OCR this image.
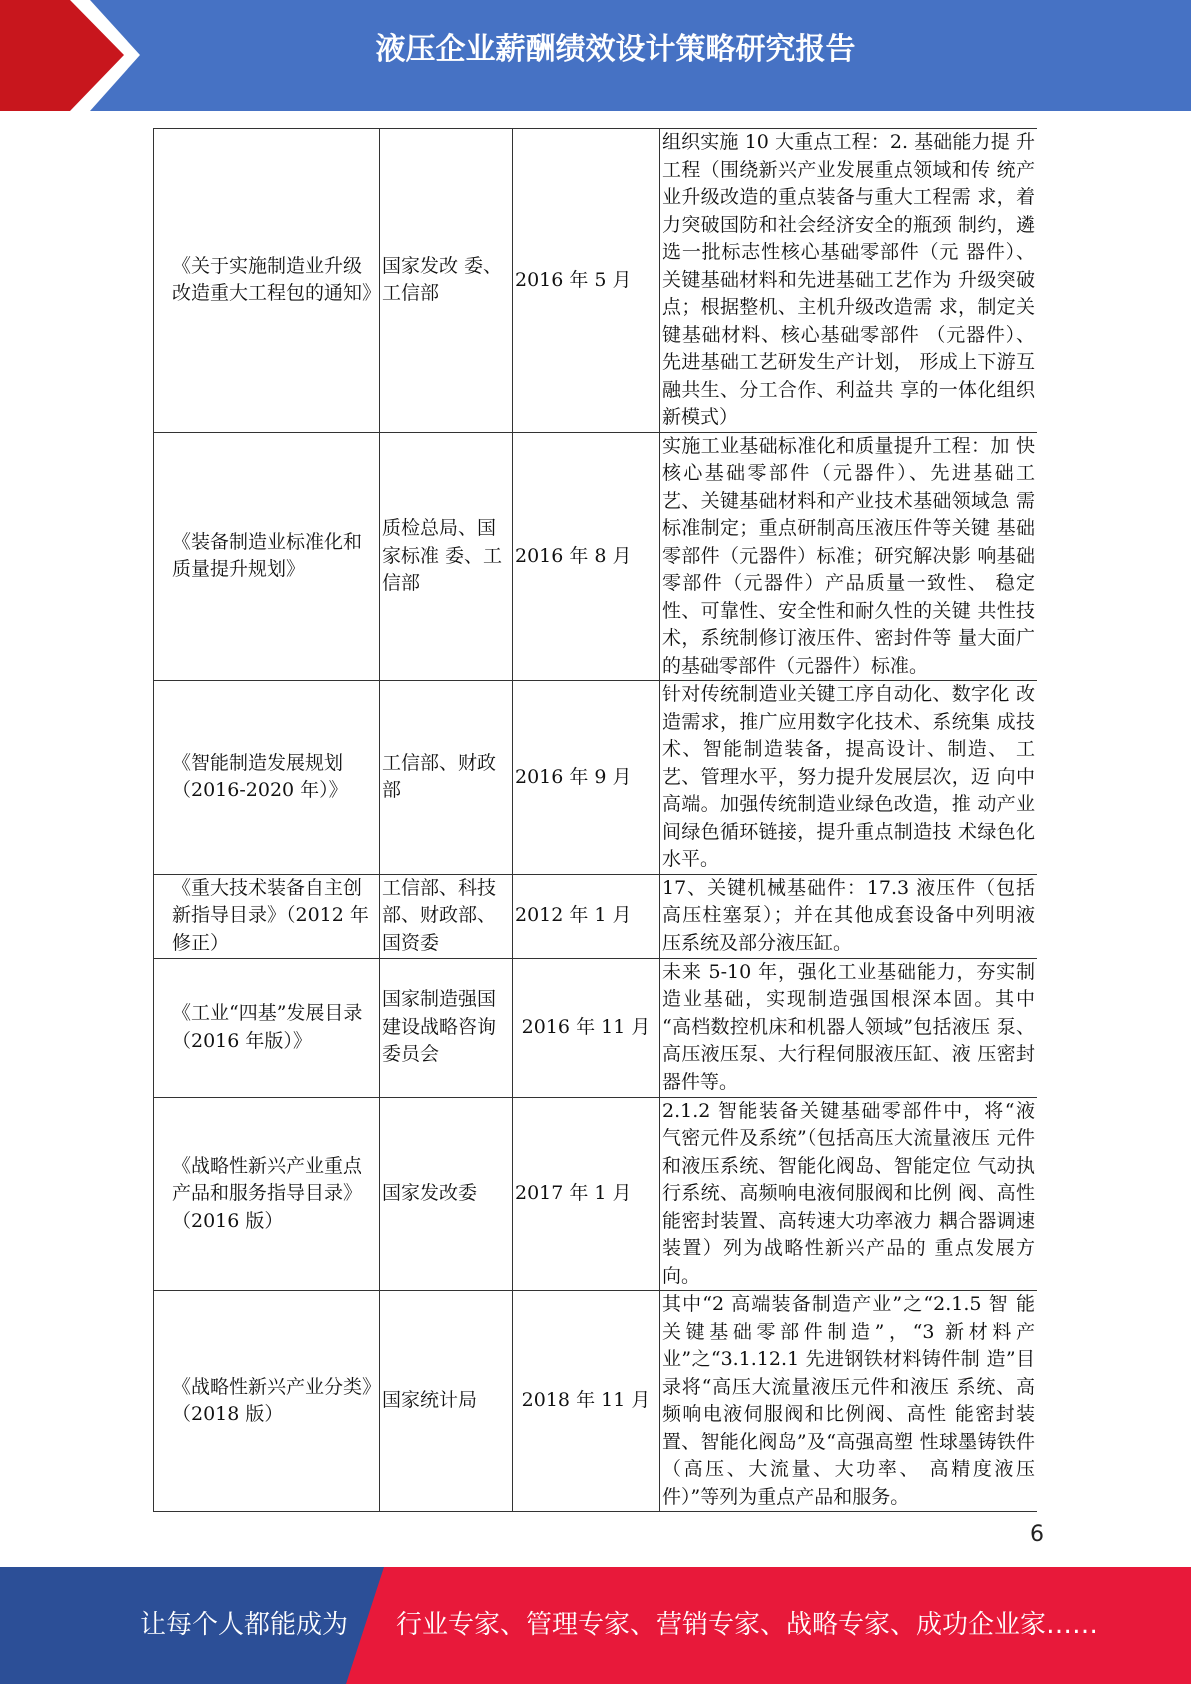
液压企业薪酬绩效设计策略研究报告
《关于实施制造业升级改造重大工程包的通知》	国家发改 委、工信部	2016 年 5 月	组织实施 10 大重点工程：2. 基础能力提 升工程（围绕新兴产业发展重点领域和传 统产业升级改造的重点装备与重大工程需 求，着力突破国防和社会经济安全的瓶颈 制约，遴选一批标志性核心基础零部件（元 器件）、关键基础材料和先进基础工艺作为 升级突破点；根据整机、主机升级改造需 求，制定关键基础材料、核心基础零部件 （元器件）、先进基础工艺研发生产计划， 形成上下游互融共生、分工合作、利益共 享的一体化组织新模式）
《装备制造业标准化和质量提升规划》	质检总局、国家标准 委、工信部	2016 年 8 月	实施工业基础标准化和质量提升工程：加 快核心基础零部件（元器件）、先进基础工 艺、关键基础材料和产业技术基础领域急 需标准制定；重点研制高压液压件等关键 基础零部件（元器件）标准；研究解决影 响基础零部件（元器件）产品质量一致性、 稳定性、可靠性、安全性和耐久性的关键 共性技术，系统制修订液压件、密封件等 量大面广的基础零部件（元器件）标准。
《智能制造发展规划（2016-2020 年）》	工信部、财政部	2016 年 9 月	针对传统制造业关键工序自动化、数字化 改造需求，推广应用数字化技术、系统集 成技术、智能制造装备，提高设计、制造、 工艺、管理水平，努力提升发展层次，迈 向中高端。加强传统制造业绿色改造，推 动产业间绿色循环链接，提升重点制造技 术绿色化水平。
《重大技术装备自主创新指导目录》（2012 年修正）	工信部、科技部、财政部、国资委	2012 年 1 月	17、关键机械基础件：17.3 液压件（包括 高压柱塞泵）；并在其他成套设备中列明液 压系统及部分液压缸。
《工业“四基”发展目录（2016 年版）》	国家制造强国建设战略咨询委员会	2016 年 11 月	未来 5-10 年，强化工业基础能力，夯实制 造业基础，实现制造强国根深本固。其中 “高档数控机床和机器人领域”包括液压 泵、高压液压泵、大行程伺服液压缸、液 压密封器件等。
《战略性新兴产业重点产品和服务指导目录》（2016 版）	国家发改委	2017 年 1 月	2.1.2 智能装备关键基础零部件中，将“液 气密元件及系统”（包括高压大流量液压 元件和液压系统、智能化阀岛、智能定位 气动执行系统、高频响电液伺服阀和比例 阀、高性能密封装置、高转速大功率液力 耦合器调速装置）列为战略性新兴产品的 重点发展方向。
《战略性新兴产业分类》（2018 版）	国家统计局	2018 年 11 月	其中“2 高端装备制造产业”之“2.1.5 智 能关键基础零部件制造”，“3 新材料产 业”之“3.1.12.1 先进钢铁材料铸件制 造”目录将“高压大流量液压元件和液压 系统、高频响电液伺服阀和比例阀、高性 能密封装置、智能化阀岛”及“高强高塑 性球墨铸铁件（高压、大流量、大功率、 高精度液压件）”等列为重点产品和服务。
6
让每个人都能成为 行业专家、管理专家、营销专家、战略专家、成功企业家……
